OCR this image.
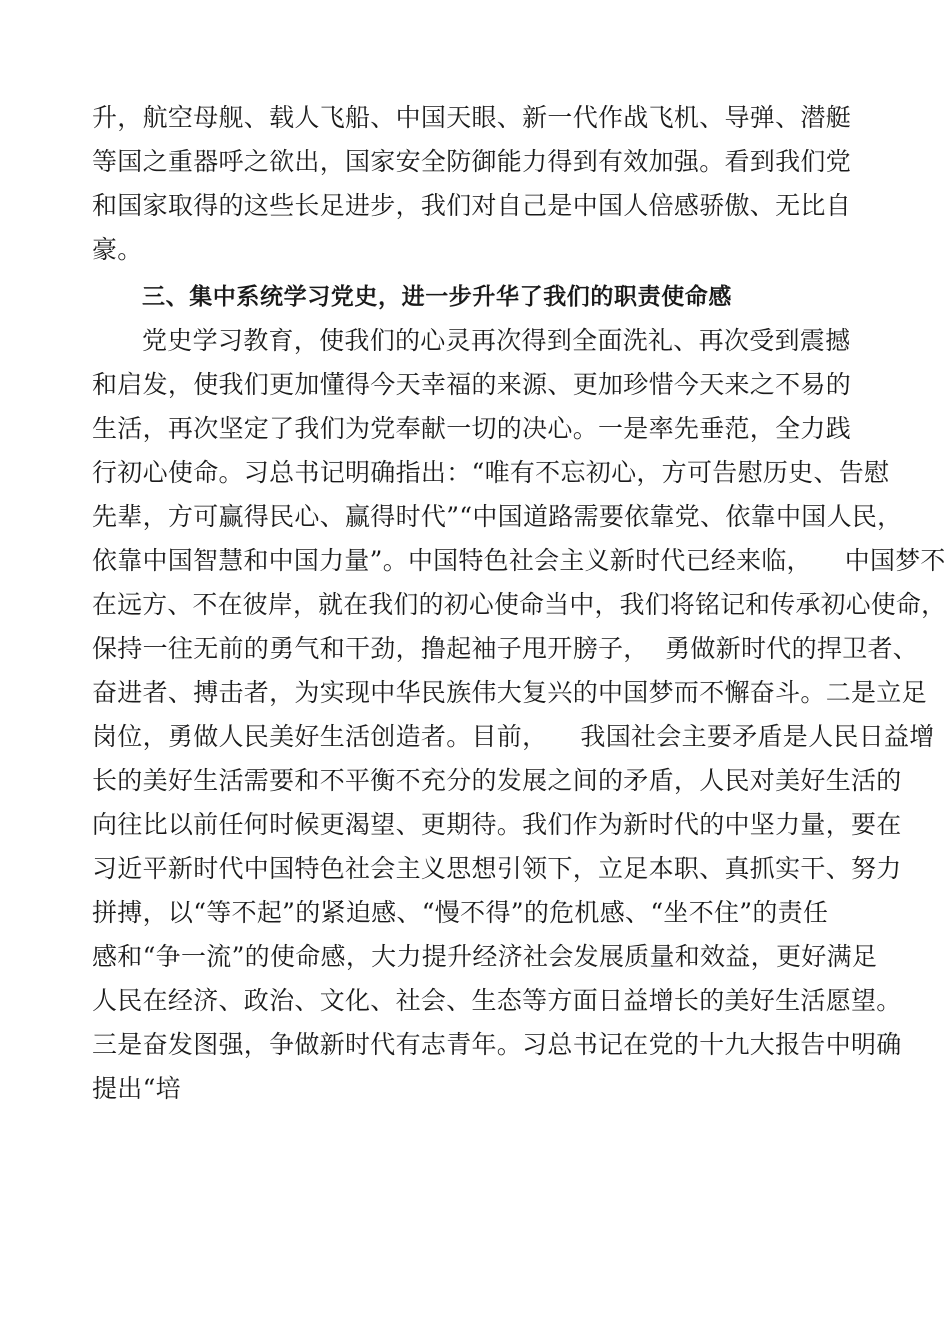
升，航空母舰、载人飞船、中国天眼、新一代作战飞机、导弹、潜艇
等国之重器呼之欲出，国家安全防御能力得到有效加强。看到我们党
和国家取得的这些长足进步，我们对自己是中国人倍感骄傲、无比自
豪。
三、集中系统学习党史，进一步升华了我们的职责使命感
党史学习教育，使我们的心灵再次得到全面洗礼、再次受到震撼
和启发，使我们更加懂得今天幸福的来源、更加珍惜今天来之不易的
生活，再次坚定了我们为党奉献一切的决心。一是率先垂范，全力践
行初心使命。习总书记明确指出：“唯有不忘初心，方可告慰历史、告慰
先辈，方可赢得民心、赢得时代”“中国道路需要依靠党、依靠中国人民，
依靠中国智慧和中国力量”。中国特色社会主义新时代已经来临，    中国梦不
在远方、不在彼岸，就在我们的初心使命当中，我们将铭记和传承初心使命，
保持一往无前的勇气和干劲，撸起袖子甩开膀子，  勇做新时代的捍卫者、
奋进者、搏击者，为实现中华民族伟大复兴的中国梦而不懈奋斗。二是立足
岗位，勇做人民美好生活创造者。目前，    我国社会主要矛盾是人民日益增
长的美好生活需要和不平衡不充分的发展之间的矛盾，人民对美好生活的
向往比以前任何时候更渴望、更期待。我们作为新时代的中坚力量，要在
习近平新时代中国特色社会主义思想引领下，立足本职、真抓实干、努力
拼搏，以“等不起”的紧迫感、“慢不得”的危机感、“坐不住”的责任
感和“争一流”的使命感，大力提升经济社会发展质量和效益，更好满足
人民在经济、政治、文化、社会、生态等方面日益增长的美好生活愿望。
三是奋发图强，争做新时代有志青年。习总书记在党的十九大报告中明确
提出“培
